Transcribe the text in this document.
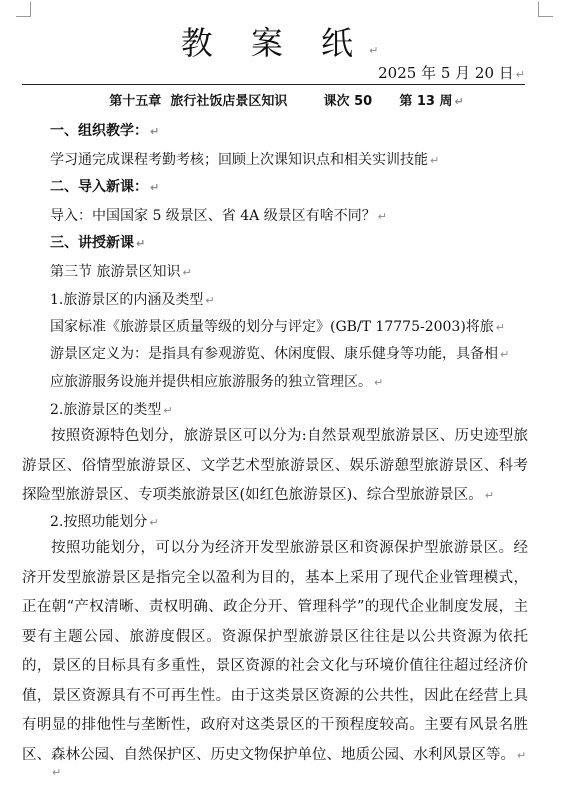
教 案 纸 ↵
2025 年 5 月 20 日 ↵
第十五章  旅行社饭店景区知识        课次 50      第 13 周 ↵
一、组织教学： ↵
学习通完成课程考勤考核；回顾上次课知识点和相关实训技能 ↵
二、导入新课： ↵
导入：中国国家 5 级景区、省 4A 级景区有啥不同？ ↵
三、讲授新课 ↵
第三节 旅游景区知识 ↵
1.旅游景区的内涵及类型 ↵
国家标准《旅游景区质量等级的划分与评定》(GB/T 17775-2003)将旅 ↵
游景区定义为：是指具有参观游览、休闲度假、康乐健身等功能，具备相 ↵
应旅游服务设施并提供相应旅游服务的独立管理区。 ↵
2.旅游景区的类型 ↵
按照资源特色划分，旅游景区可以分为:自然景观型旅游景区、历史迹型旅游景区、俗情型旅游景区、文学艺术型旅游景区、娱乐游憩型旅游景区、科考探险型旅游景区、专项类旅游景区(如红色旅游景区)、综合型旅游景区。 ↵
2.按照功能划分 ↵
按照功能划分，可以分为经济开发型旅游景区和资源保护型旅游景区。经济开发型旅游景区是指完全以盈利为目的，基本上采用了现代企业管理模式，正在朝“产权清晰、责权明确、政企分开、管理科学”的现代企业制度发展，主要有主题公园、旅游度假区。资源保护型旅游景区往往是以公共资源为依托的，景区的目标具有多重性，景区资源的社会文化与环境价值往往超过经济价值，景区资源具有不可再生性。由于这类景区资源的公共性，因此在经营上具有明显的排他性与垄断性，政府对这类景区的干预程度较高。主要有风景名胜区、森林公园、自然保护区、历史文物保护单位、地质公园、水利风景区等。 ↵
↵
